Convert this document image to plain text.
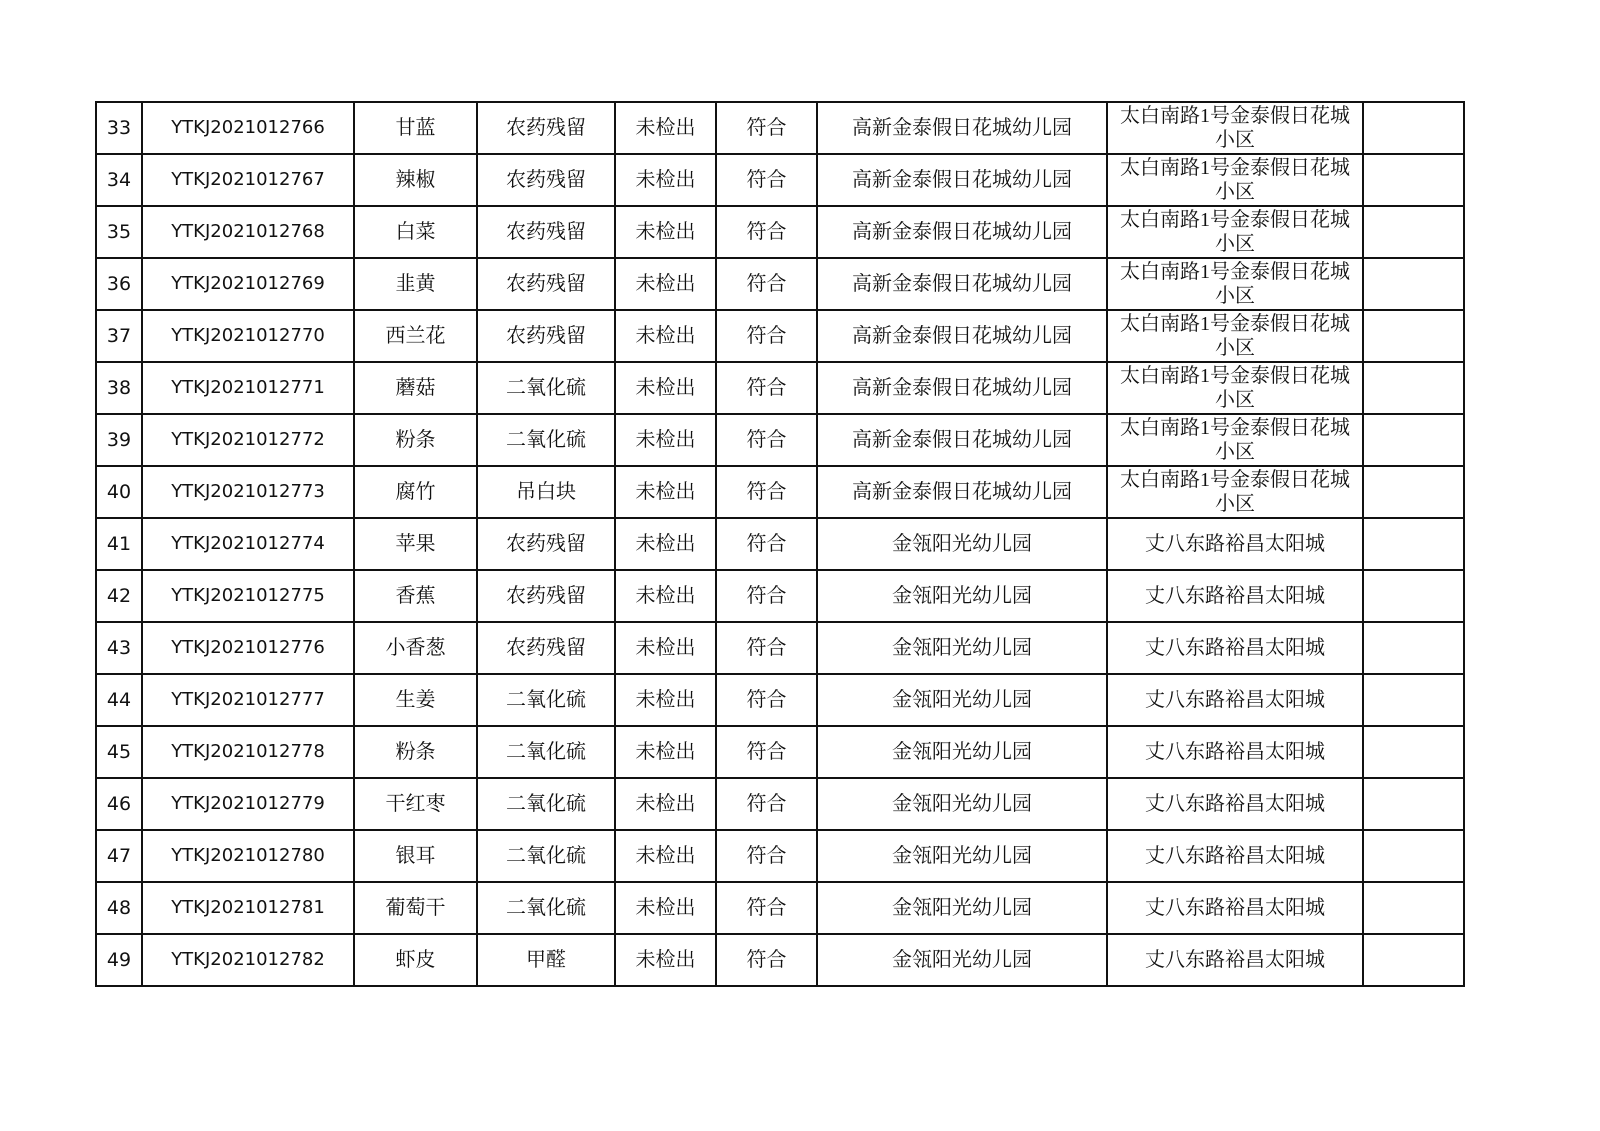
33	YTKJ2021012766	甘蓝	农药残留	未检出	符合	高新金泰假日花城幼儿园	太白南路1号金泰假日花城小区	
34	YTKJ2021012767	辣椒	农药残留	未检出	符合	高新金泰假日花城幼儿园	太白南路1号金泰假日花城小区	
35	YTKJ2021012768	白菜	农药残留	未检出	符合	高新金泰假日花城幼儿园	太白南路1号金泰假日花城小区	
36	YTKJ2021012769	韭黄	农药残留	未检出	符合	高新金泰假日花城幼儿园	太白南路1号金泰假日花城小区	
37	YTKJ2021012770	西兰花	农药残留	未检出	符合	高新金泰假日花城幼儿园	太白南路1号金泰假日花城小区	
38	YTKJ2021012771	蘑菇	二氧化硫	未检出	符合	高新金泰假日花城幼儿园	太白南路1号金泰假日花城小区	
39	YTKJ2021012772	粉条	二氧化硫	未检出	符合	高新金泰假日花城幼儿园	太白南路1号金泰假日花城小区	
40	YTKJ2021012773	腐竹	吊白块	未检出	符合	高新金泰假日花城幼儿园	太白南路1号金泰假日花城小区	
41	YTKJ2021012774	苹果	农药残留	未检出	符合	金瓴阳光幼儿园	丈八东路裕昌太阳城	
42	YTKJ2021012775	香蕉	农药残留	未检出	符合	金瓴阳光幼儿园	丈八东路裕昌太阳城	
43	YTKJ2021012776	小香葱	农药残留	未检出	符合	金瓴阳光幼儿园	丈八东路裕昌太阳城	
44	YTKJ2021012777	生姜	二氧化硫	未检出	符合	金瓴阳光幼儿园	丈八东路裕昌太阳城	
45	YTKJ2021012778	粉条	二氧化硫	未检出	符合	金瓴阳光幼儿园	丈八东路裕昌太阳城	
46	YTKJ2021012779	干红枣	二氧化硫	未检出	符合	金瓴阳光幼儿园	丈八东路裕昌太阳城	
47	YTKJ2021012780	银耳	二氧化硫	未检出	符合	金瓴阳光幼儿园	丈八东路裕昌太阳城	
48	YTKJ2021012781	葡萄干	二氧化硫	未检出	符合	金瓴阳光幼儿园	丈八东路裕昌太阳城	
49	YTKJ2021012782	虾皮	甲醛	未检出	符合	金瓴阳光幼儿园	丈八东路裕昌太阳城	
